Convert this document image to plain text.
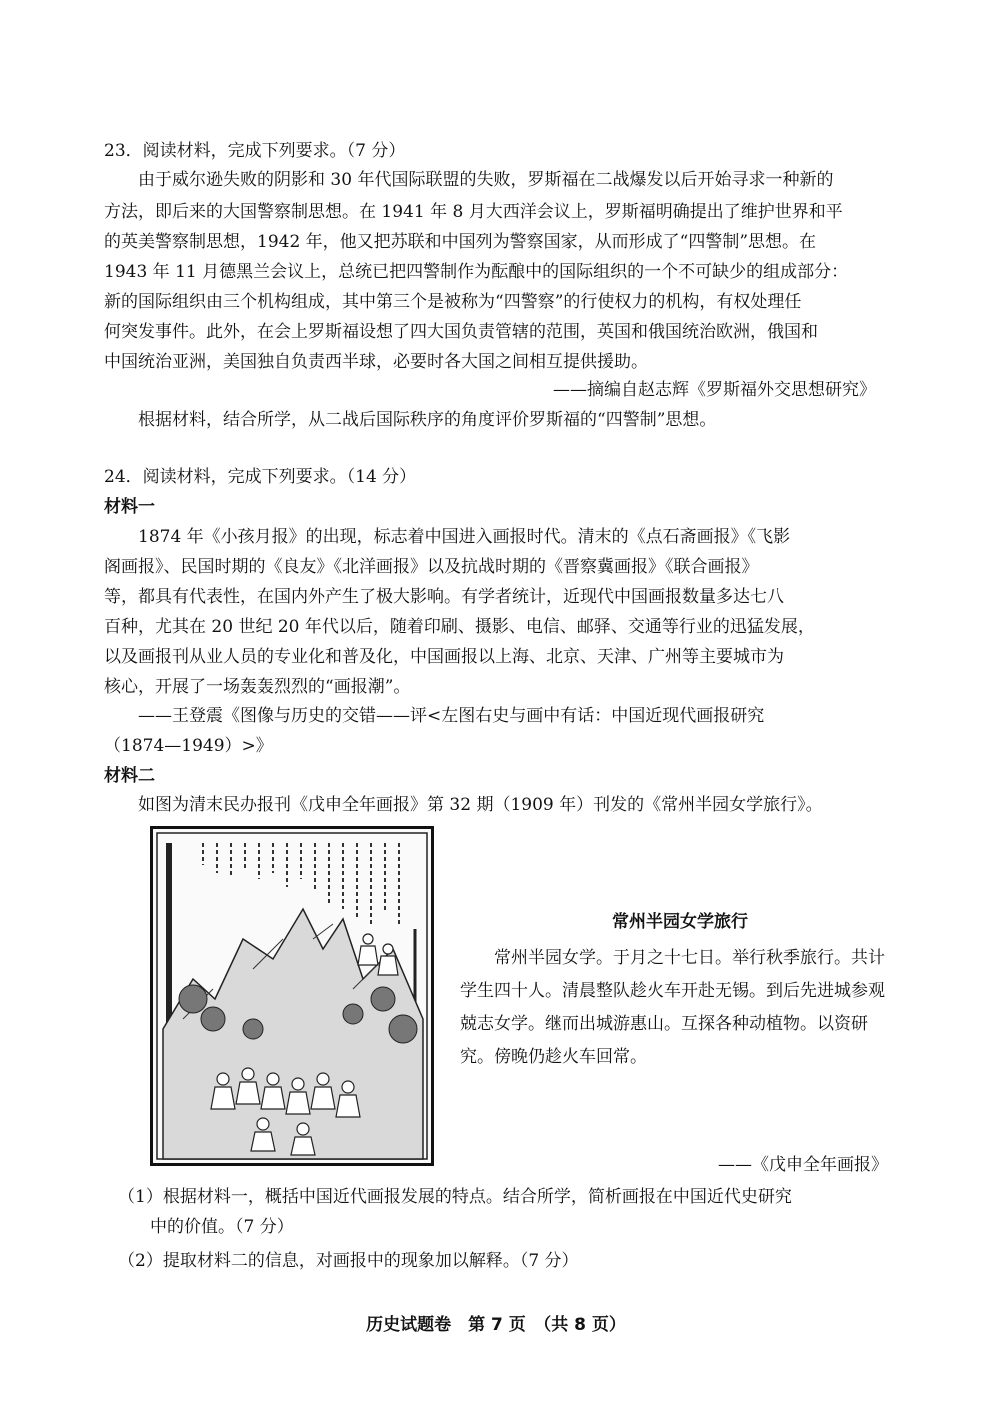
23．阅读材料，完成下列要求。（7 分）

由于威尔逊失败的阴影和 30 年代国际联盟的失败，罗斯福在二战爆发以后开始寻求一种新的

方法，即后来的大国警察制思想。在 1941 年 8 月大西洋会议上，罗斯福明确提出了维护世界和平

的英美警察制思想，1942 年，他又把苏联和中国列为警察国家，从而形成了“四警制”思想。在

1943 年 11 月德黑兰会议上，总统已把四警制作为酝酿中的国际组织的一个不可缺少的组成部分：

新的国际组织由三个机构组成，其中第三个是被称为“四警察”的行使权力的机构，有权处理任

何突发事件。此外，在会上罗斯福设想了四大国负责管辖的范围，英国和俄国统治欧洲，俄国和

中国统治亚洲，美国独自负责西半球，必要时各大国之间相互提供援助。

——摘编自赵志辉《罗斯福外交思想研究》

根据材料，结合所学，从二战后国际秩序的角度评价罗斯福的“四警制”思想。

24．阅读材料，完成下列要求。（14 分）

材料一

1874 年《小孩月报》的出现，标志着中国进入画报时代。清末的《点石斋画报》《飞影

阁画报》、民国时期的《良友》《北洋画报》以及抗战时期的《晋察冀画报》《联合画报》

等，都具有代表性，在国内外产生了极大影响。有学者统计，近现代中国画报数量多达七八

百种，尤其在 20 世纪 20 年代以后，随着印刷、摄影、电信、邮驿、交通等行业的迅猛发展，

以及画报刊从业人员的专业化和普及化，中国画报以上海、北京、天津、广州等主要城市为

核心，开展了一场轰轰烈烈的“画报潮”。

——王登震《图像与历史的交错——评<左图右史与画中有话：中国近现代画报研究

（1874—1949）>》

材料二

如图为清末民办报刊《戊申全年画报》第 32 期（1909 年）刊发的《常州半园女学旅行》。

常州半园女学旅行

常州半园女学。于月之十七日。举行秋季旅行。共计学生四十人。清晨整队趁火车开赴无锡。到后先进城参观兢志女学。继而出城游惠山。互探各种动植物。以资研究。傍晚仍趁火车回常。

——《戊申全年画报》

（1）根据材料一，概括中国近代画报发展的特点。结合所学，简析画报在中国近代史研究

中的价值。（7 分）

（2）提取材料二的信息，对画报中的现象加以解释。（7 分）

历史试题卷　第 7 页　（共 8 页）
